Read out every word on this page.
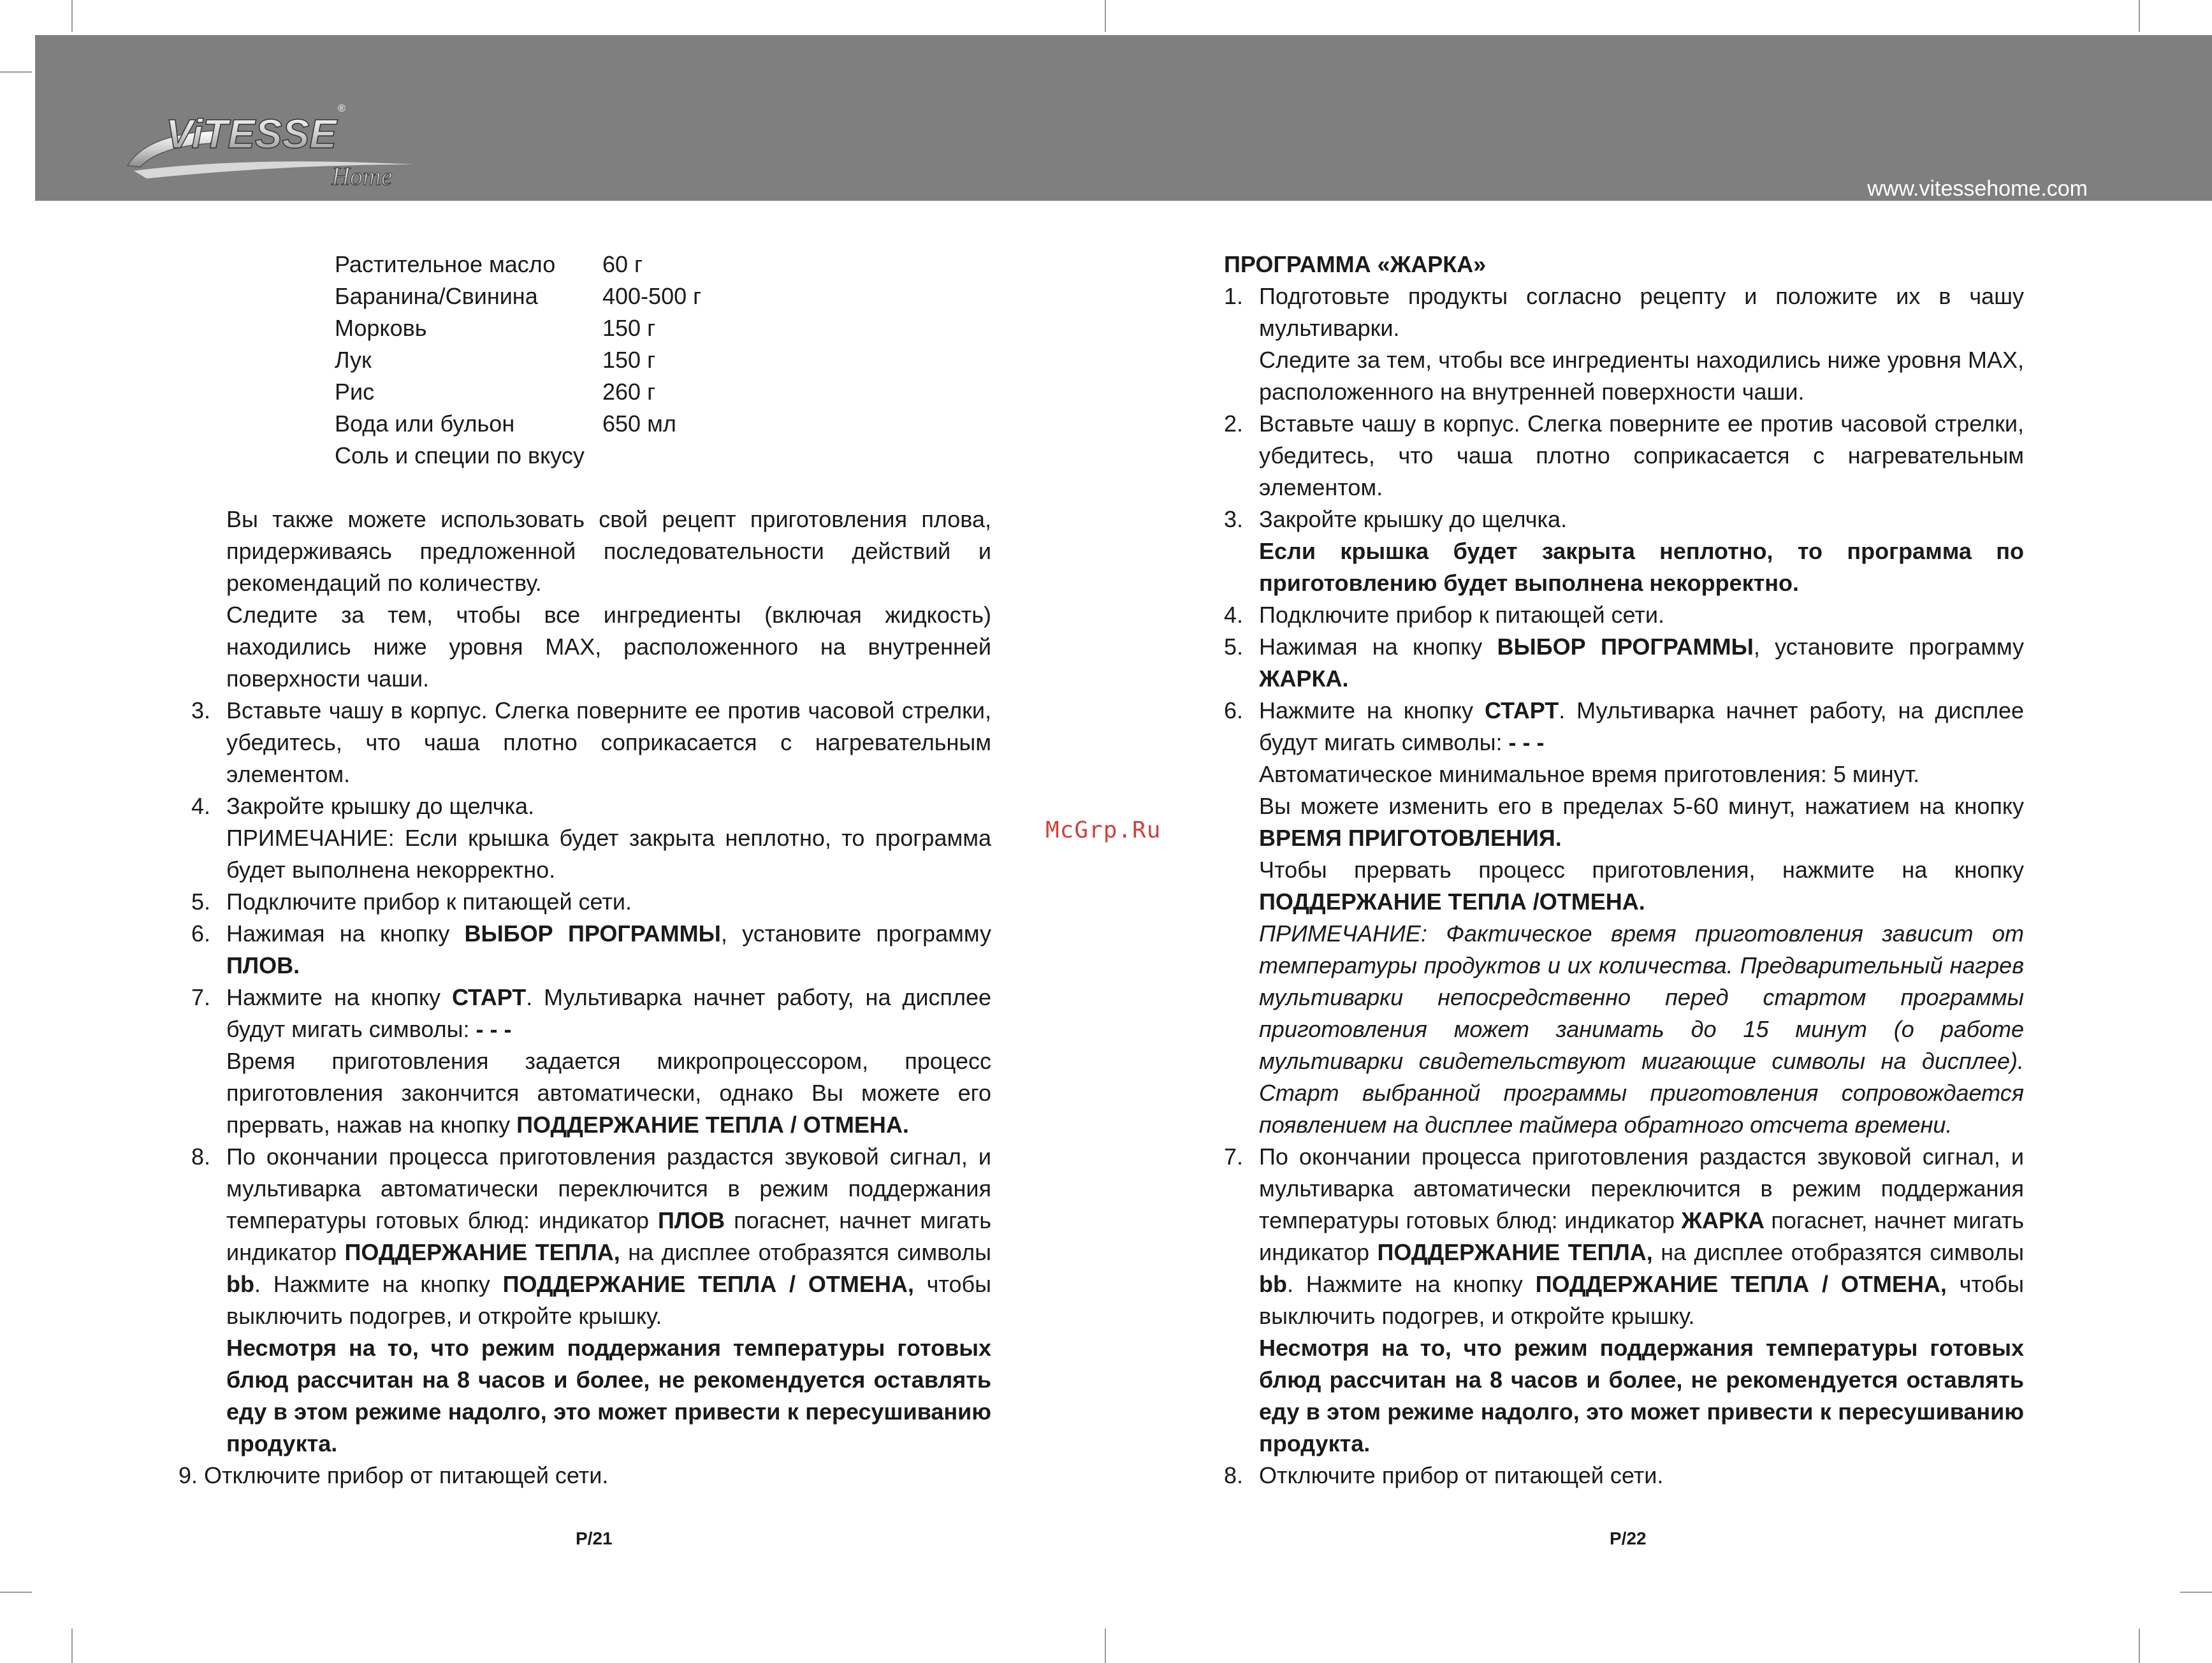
ViTESSE
®
Home	www.vitessehome.com
Растительное масло	60 г
Баранина/Свинина	400-500 г
Морковь	150 г
Лук	150 г
Рис	260 г
Вода или бульон	650 мл
Соль и специи по вкусу

Вы также можете использовать свой рецепт приготовления плова, придерживаясь предложенной последовательности действий и рекомендаций по количеству.

Следите за тем, чтобы все ингредиенты (включая жидкость) находились ниже уровня MAX, расположенного на внутренней поверхности чаши.

3. Вставьте чашу в корпус. Слегка поверните ее против часовой стрелки, убедитесь, что чаша плотно соприкасается с нагревательным элементом.

4. Закройте крышку до щелчка.

ПРИМЕЧАНИЕ: Если крышка будет закрыта неплотно, то программа будет выполнена некорректно.

5. Подключите прибор к питающей сети.

6. Нажимая на кнопку ВЫБОР ПРОГРАММЫ, установите программу ПЛОВ.

7. Нажмите на кнопку СТАРТ. Мультиварка начнет работу, на дисплее будут мигать символы: - - -

Время приготовления задается микропроцессором, процесс приготовления закончится автоматически, однако Вы можете его прервать, нажав на кнопку ПОДДЕРЖАНИЕ ТЕПЛА / ОТМЕНА.

8. По окончании процесса приготовления раздастся звуковой сигнал, и мультиварка автоматически переключится в режим поддержания температуры готовых блюд: индикатор ПЛОВ погаснет, начнет мигать индикатор ПОДДЕРЖАНИЕ ТЕПЛА, на дисплее отобразятся символы bb. Нажмите на кнопку ПОДДЕРЖАНИЕ ТЕПЛА / ОТМЕНА, чтобы выключить подогрев, и откройте крышку.

Несмотря на то, что режим поддержания температуры готовых блюд рассчитан на 8 часов и более, не рекомендуется оставлять еду в этом режиме надолго, это может привести к пересушиванию продукта.

9. Отключите прибор от питающей сети.

P/21
McGrp.Ru

ПРОГРАММА «ЖАРКА»

1. Подготовьте продукты согласно рецепту и положите их в чашу мультиварки.

Следите за тем, чтобы все ингредиенты находились ниже уровня MAX, расположенного на внутренней поверхности чаши.

2. Вставьте чашу в корпус. Слегка поверните ее против часовой стрелки, убедитесь, что чаша плотно соприкасается с нагревательным элементом.

3. Закройте крышку до щелчка.

Если крышка будет закрыта неплотно, то программа по приготовлению будет выполнена некорректно.

4. Подключите прибор к питающей сети.

5. Нажимая на кнопку ВЫБОР ПРОГРАММЫ, установите программу ЖАРКА.

6. Нажмите на кнопку СТАРТ. Мультиварка начнет работу, на дисплее будут мигать символы: - - -

Автоматическое минимальное время приготовления: 5 минут.

Вы можете изменить его в пределах 5-60 минут, нажатием на кнопку ВРЕМЯ ПРИГОТОВЛЕНИЯ.

Чтобы прервать процесс приготовления, нажмите на кнопку ПОДДЕРЖАНИЕ ТЕПЛА /ОТМЕНА.

ПРИМЕЧАНИЕ: Фактическое время приготовления зависит от температуры продуктов и их количества. Предварительный нагрев мультиварки непосредственно перед стартом программы приготовления может занимать до 15 минут (о работе мультиварки свидетельствуют мигающие символы на дисплее). Старт выбранной программы приготовления сопровождается появлением на дисплее таймера обратного отсчета времени.

7. По окончании процесса приготовления раздастся звуковой сигнал, и мультиварка автоматически переключится в режим поддержания температуры готовых блюд: индикатор ЖАРКА погаснет, начнет мигать индикатор ПОДДЕРЖАНИЕ ТЕПЛА, на дисплее отобразятся символы bb. Нажмите на кнопку ПОДДЕРЖАНИЕ ТЕПЛА / ОТМЕНА, чтобы выключить подогрев, и откройте крышку.

Несмотря на то, что режим поддержания температуры готовых блюд рассчитан на 8 часов и более, не рекомендуется оставлять еду в этом режиме надолго, это может привести к пересушиванию продукта.

8. Отключите прибор от питающей сети.

P/22
